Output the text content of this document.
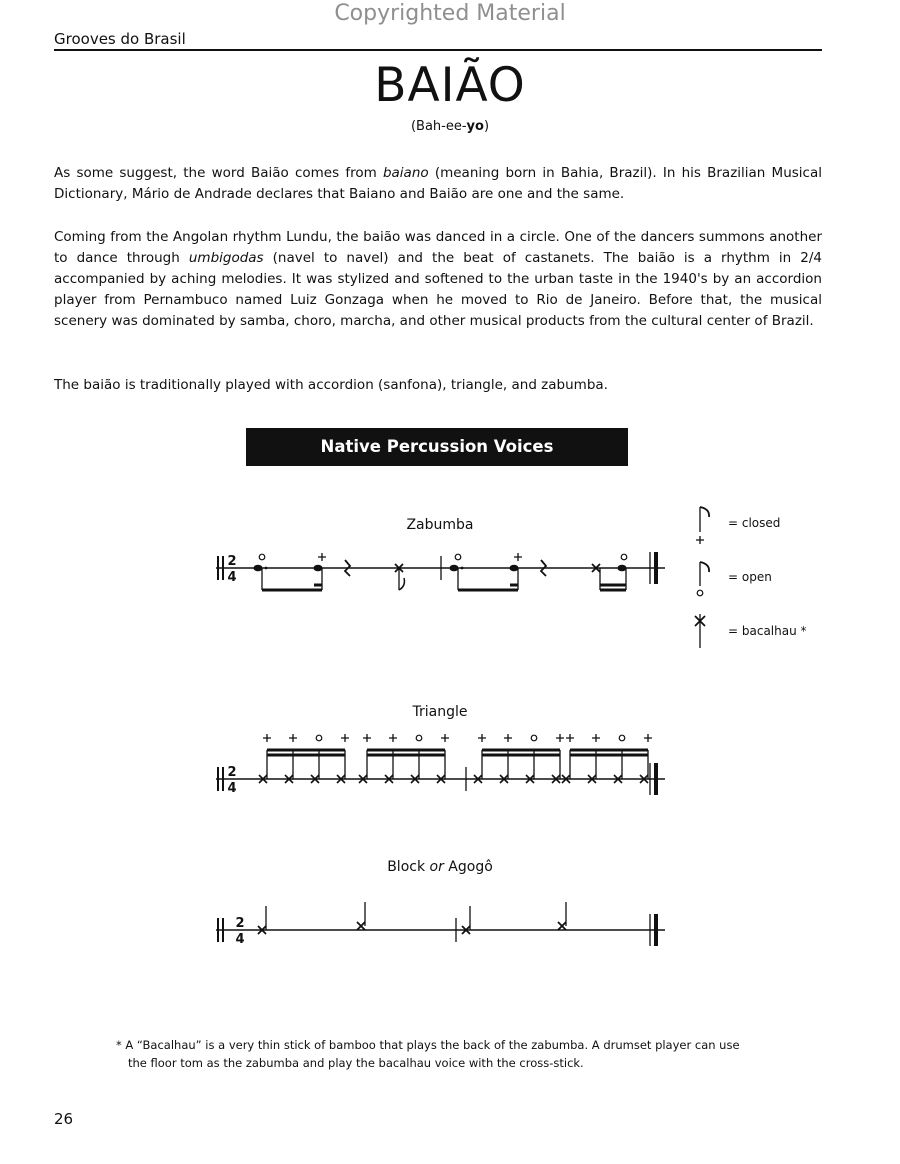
Copyrighted Material
Grooves do Brasil
BAIÃO
(Bah-ee-yo)

As some suggest, the word Baião comes from baiano (meaning born in Bahia, Brazil). In his Brazilian Musical Dictionary, Mário de Andrade declares that Baiano and Baião are one and the same.

Coming from the Angolan rhythm Lundu, the baião was danced in a circle. One of the dancers summons another to dance through umbigodas (navel to navel) and the beat of castanets. The baião is a rhythm in 2/4 accompanied by aching melodies. It was stylized and softened to the urban taste in the 1940's by an accordion player from Pernambuco named Luiz Gonzaga when he moved to Rio de Janeiro. Before that, the musical scenery was dominated by samba, choro, marcha, and other musical products from the cultural center of Brazil.

The baião is traditionally played with accordion (sanfona), triangle, and zabumba.

Native Percussion Voices
Zabumba
Triangle
Block or Agogô
= closed
= open
= bacalhau *
2
4
2
4
2
4
* A “Bacalhau” is a very thin stick of bamboo that plays the back of the zabumba. A drumset player can use
the floor tom as the zabumba and play the bacalhau voice with the cross-stick.
26
